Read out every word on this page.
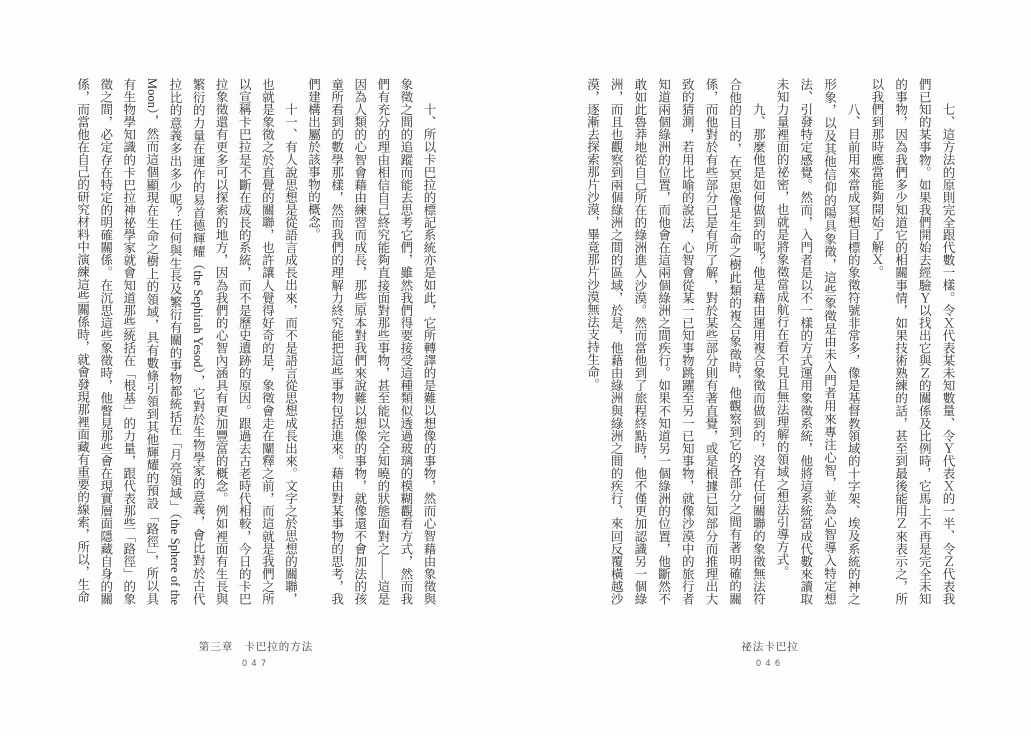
七、這方法的原則完全跟代數一樣。令Ｘ代表某未知數量、令Ｙ代表Ｘ的一半、令Ｚ代表我們已知的某事物。如果我們開始去經驗Ｙ以找出它與Ｚ的關係及比例時，它馬上不再是完全未知的事物，因為我們多少知道它的相關事情，如果技術熟練的話，甚至到最後能用Ｚ來表示之，所以我們到那時應當能夠開始了解Ｘ。

八、目前用來當成冥想目標的象徵符號非常多，像是基督教領域的十字架、埃及系統的神之形象，以及其他信仰的陽具象徵，這些象徵是由未入門者用來專注心智，並為心智導入特定想法、引發特定感覺。然而，入門者是以不一樣的方式運用象徵系統，他將這系統當成代數來讀取未知力量裡面的祕密，也就是將象徵當成航行在看不見且無法理解的領域之想法引導方式。

九、那麼他是如何做到的呢？他是藉由運用複合象徵而做到的，沒有任何關聯的象徵無法符合他的目的，在冥思像是生命之樹此類的複合象徵時，他觀察到它的各部分之間有著明確的關係，而他對於有些部分已是有所了解，對於某些部分則有著直覺，或是根據已知部分而推理出大致的猜測，若用比喻的說法，心智會從某一已知事物跳躍至另一已知事物，就像沙漠中的旅行者知道兩個綠洲的位置，而他會在這兩個綠洲之間疾行。如果不知道另一個綠洲的位置，他斷然不敢如此魯莽地從自己所在的綠洲進入沙漠。然而當他到了旅程終點時，他不僅更加認識另一個綠洲，而且也觀察到兩個綠洲之間的區域，於是，他藉由綠洲與綠洲之間的疾行、來回反覆橫越沙漠，逐漸去探索那片沙漠，畢竟那片沙漠無法支持生命。

祕法卡巴拉
046

十、所以卡巴拉的標記系統亦是如此，它所轉譯的是難以想像的事物，然而心智藉由象徵與象徵之間的追蹤而能去思考它們，雖然我們得要接受這種類似透過玻璃的模糊觀看方式，然而我們有充分的理由相信自己終究能夠直接面對那些事物，甚至能以完全知曉的狀態面對之——這是因為人類的心智會藉由練習而成長，那些原本對我們來說難以想像的事物，就像還不會加法的孩童所看到的數學那樣，然而我們的理解力終究能把這些事物包括進來。藉由對某事物的思考，我們建構出屬於該事物的概念。

十一、有人說思想是從語言成長出來，而不是語言從思想成長出來。文字之於思想的關聯，也就是象徵之於直覺的關聯，也許讓人覺得好奇的是，象徵會走在闡釋之前，而這就是我們之所以宣稱卡巴拉是不斷在成長的系統，而不是歷史遺跡的原因。跟過去古老時代相較，今日的卡巴拉象徵還有更多可以探索的地方，因為我們的心智內涵具有更加豐富的概念。例如裡面有生長與繁衍的力量在運作的易首德輝耀（the Sephirah Yesod），它對於生物學家的意義，會比對於古代拉比的意義多出多少呢？任何與生長及繁衍有關的事物都統括在「月亮領域」（the Sphere of the Moon），然而這個顯現在生命之樹上的領域，具有數條引領到其他輝耀的預設「路徑」，所以具有生物學知識的卡巴拉神祕學家就會知道那些統括在「根基」的力量，跟代表那些「路徑」的象徵之間，必定存在特定的明確關係。在沉思這些象徵時，他瞥見那些會在現實層面隱藏自身的關係，而當他在自己的研究材料中演練這些關係時，就會發現那裡面藏有重要的線索，所以，生命

第三章 卡巴拉的方法
047
